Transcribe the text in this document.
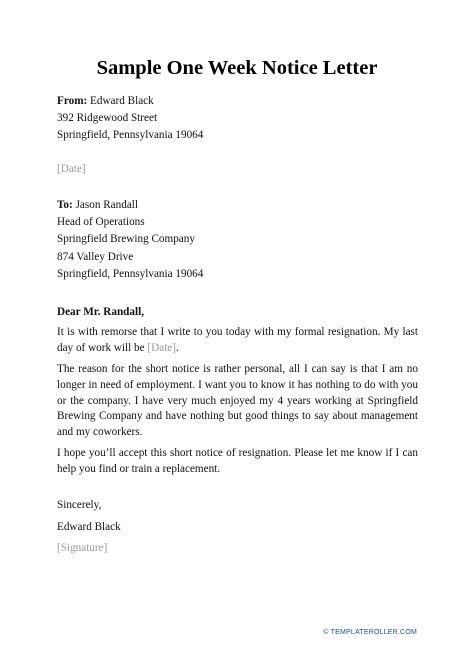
Sample One Week Notice Letter
From: Edward Black
392 Ridgewood Street
Springfield, Pennsylvania 19064
[Date]
To: Jason Randall
Head of Operations
Springfield Brewing Company
874 Valley Drive
Springfield, Pennsylvania 19064
Dear Mr. Randall,
It is with remorse that I write to you today with my formal resignation. My last day of work will be [Date].
The reason for the short notice is rather personal, all I can say is that I am no longer in need of employment. I want you to know it has nothing to do with you or the company. I have very much enjoyed my 4 years working at Springfield Brewing Company and have nothing but good things to say about management and my coworkers.
I hope you’ll accept this short notice of resignation. Please let me know if I can help you find or train a replacement.
Sincerely,
Edward Black
[Signature]
© TEMPLATEROLLER.COM
